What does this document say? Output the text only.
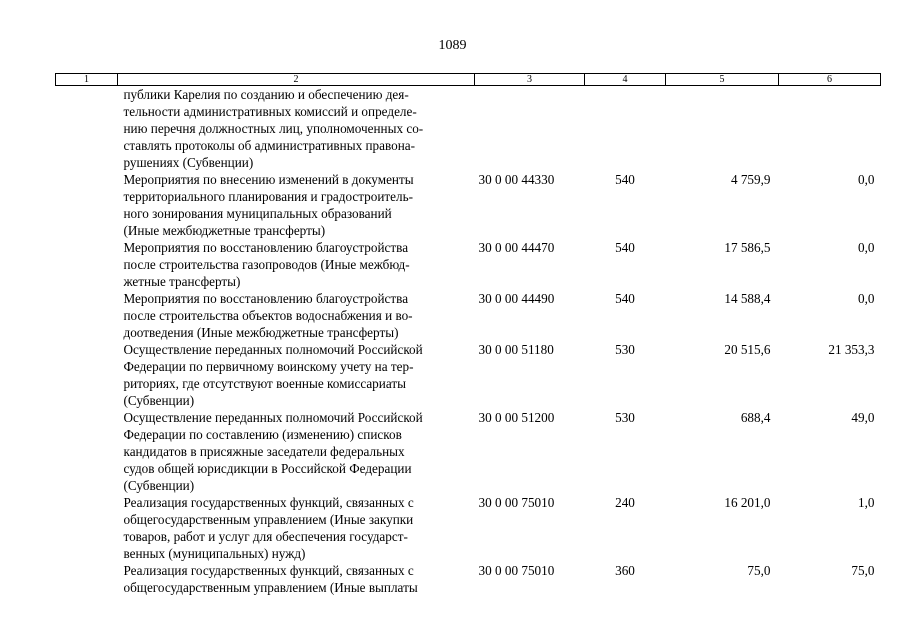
1089
1	2	3	4	5	6

	публики Карелия по созданию и обеспечению дея-
тельности административных комиссий и определе-
нию перечня должностных лиц, уполномоченных со-
ставлять протоколы об административных правона-
рушениях (Субвенции)				

	Мероприятия по внесению изменений в документы
территориального планирования и градостроитель-
ного зонирования муниципальных образований
(Иные межбюджетные трансферты)	30 0 00 44330	540	4 759,9	0,0

	Мероприятия по восстановлению благоустройства
после строительства газопроводов (Иные межбюд-
жетные трансферты)	30 0 00 44470	540	17 586,5	0,0

	Мероприятия по восстановлению благоустройства
после строительства объектов водоснабжения и во-
доотведения (Иные межбюджетные трансферты)	30 0 00 44490	540	14 588,4	0,0

	Осуществление переданных полномочий Российской
Федерации по первичному воинскому учету на тер-
риториях, где отсутствуют военные комиссариаты
(Субвенции)	30 0 00 51180	530	20 515,6	21 353,3

	Осуществление переданных полномочий Российской
Федерации по составлению (изменению) списков
кандидатов в присяжные заседатели федеральных
судов общей юрисдикции в Российской Федерации
(Субвенции)	30 0 00 51200	530	688,4	49,0

	Реализация государственных функций, связанных с
общегосударственным управлением (Иные закупки
товаров, работ и услуг для обеспечения государст-
венных (муниципальных) нужд)	30 0 00 75010	240	16 201,0	1,0

	Реализация государственных функций, связанных с
общегосударственным управлением (Иные выплаты	30 0 00 75010	360	75,0	75,0
